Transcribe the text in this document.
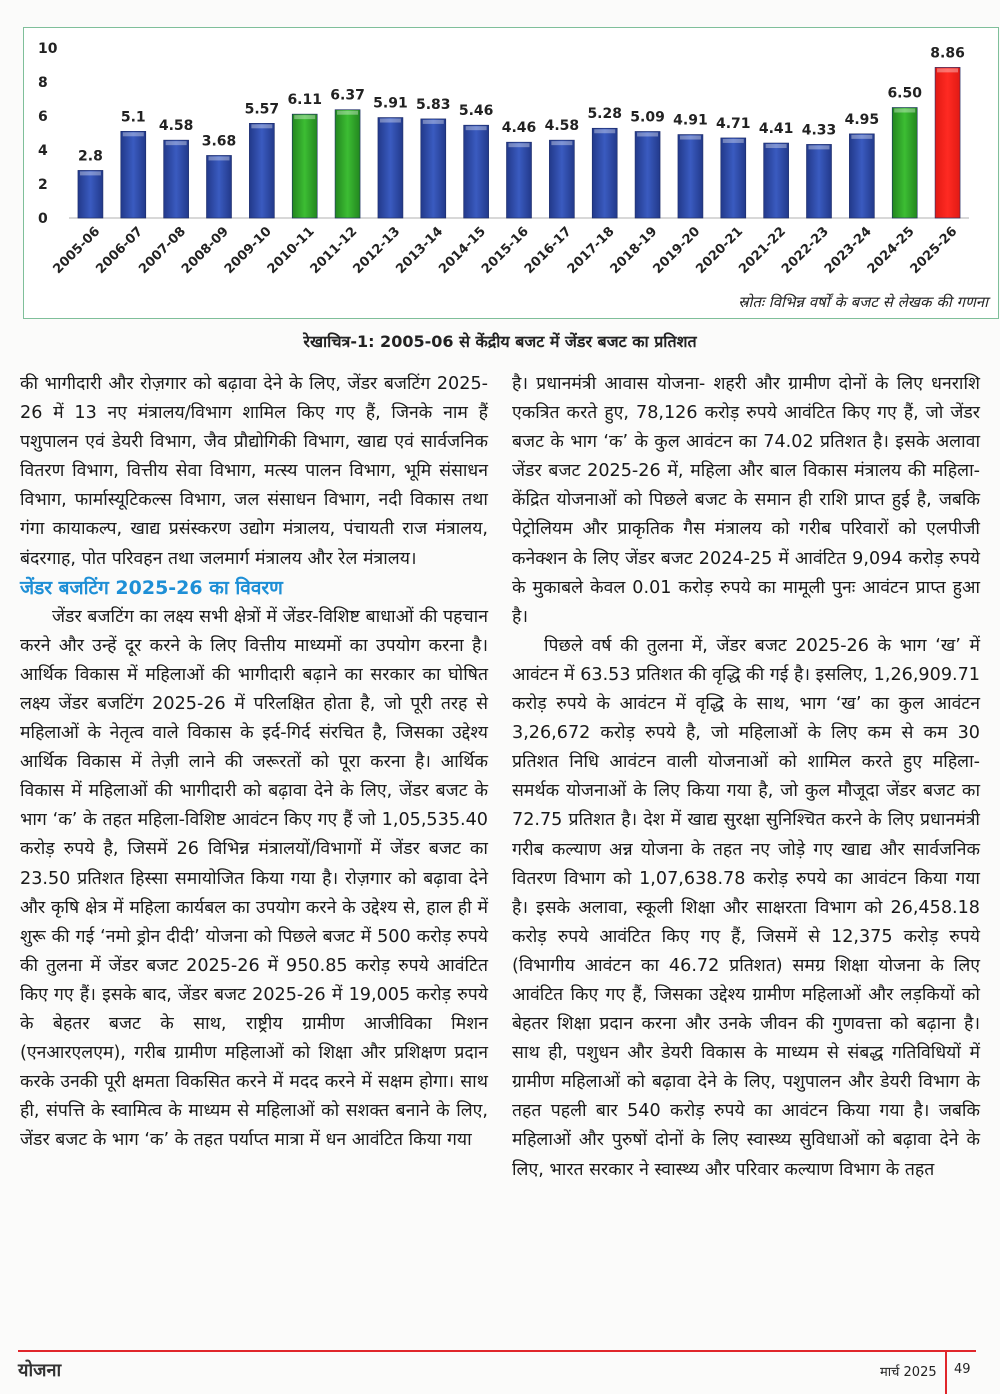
0
2
4
6
8
10
2.8
2005-06
5.1
2006-07
4.58
2007-08
3.68
2008-09
5.57
2009-10
6.11
2010-11
6.37
2011-12
5.91
2012-13
5.83
2013-14
5.46
2014-15
4.46
2015-16
4.58
2016-17
5.28
2017-18
5.09
2018-19
4.91
2019-20
4.71
2020-21
4.41
2021-22
4.33
2022-23
4.95
2023-24
6.50
2024-25
8.86
2025-26
स्रोतः विभिन्न वर्षों के बजट से लेखक की गणना
रेखाचित्र-1: 2005-06 से केंद्रीय बजट में जेंडर बजट का प्रतिशत

की भागीदारी और रोज़गार को बढ़ावा देने के लिए, जेंडर बजटिंग 2025-26 में 13 नए मंत्रालय/विभाग शामिल किए गए हैं, जिनके नाम हैं पशुपालन एवं डेयरी विभाग, जैव प्रौद्योगिकी विभाग, खाद्य एवं सार्वजनिक वितरण विभाग, वित्तीय सेवा विभाग, मत्स्य पालन विभाग, भूमि संसाधन विभाग, फार्मास्यूटिकल्स विभाग, जल संसाधन विभाग, नदी विकास तथा गंगा कायाकल्प, खाद्य प्रसंस्करण उद्योग मंत्रालय, पंचायती राज मंत्रालय, बंदरगाह, पोत परिवहन तथा जलमार्ग मंत्रालय और रेल मंत्रालय।

जेंडर बजटिंग 2025-26 का विवरण

जेंडर बजटिंग का लक्ष्य सभी क्षेत्रों में जेंडर-विशिष्ट बाधाओं की पहचान करने और उन्हें दूर करने के लिए वित्तीय माध्यमों का उपयोग करना है। आर्थिक विकास में महिलाओं की भागीदारी बढ़ाने का सरकार का घोषित लक्ष्य जेंडर बजटिंग 2025-26 में परिलक्षित होता है, जो पूरी तरह से महिलाओं के नेतृत्व वाले विकास के इर्द-गिर्द संरचित है, जिसका उद्देश्य आर्थिक विकास में तेज़ी लाने की जरूरतों को पूरा करना है। आर्थिक विकास में महिलाओं की भागीदारी को बढ़ावा देने के लिए, जेंडर बजट के भाग ‘क’ के तहत महिला-विशिष्ट आवंटन किए गए हैं जो 1,05,535.40 करोड़ रुपये है, जिसमें 26 विभिन्न मंत्रालयों/विभागों में जेंडर बजट का 23.50 प्रतिशत हिस्सा समायोजित किया गया है। रोज़गार को बढ़ावा देने और कृषि क्षेत्र में महिला कार्यबल का उपयोग करने के उद्देश्य से, हाल ही में शुरू की गई ‘नमो ड्रोन दीदी’ योजना को पिछले बजट में 500 करोड़ रुपये की तुलना में जेंडर बजट 2025-26 में 950.85 करोड़ रुपये आवंटित किए गए हैं। इसके बाद, जेंडर बजट 2025-26 में 19,005 करोड़ रुपये के बेहतर बजट के साथ, राष्ट्रीय ग्रामीण आजीविका मिशन (एनआरएलएम), गरीब ग्रामीण महिलाओं को शिक्षा और प्रशिक्षण प्रदान करके उनकी पूरी क्षमता विकसित करने में मदद करने में सक्षम होगा। साथ ही, संपत्ति के स्वामित्व के माध्यम से महिलाओं को सशक्त बनाने के लिए, जेंडर बजट के भाग ‘क’ के तहत पर्याप्त मात्रा में धन आवंटित किया गया

है। प्रधानमंत्री आवास योजना- शहरी और ग्रामीण दोनों के लिए धनराशि एकत्रित करते हुए, 78,126 करोड़ रुपये आवंटित किए गए हैं, जो जेंडर बजट के भाग ‘क’ के कुल आवंटन का 74.02 प्रतिशत है। इसके अलावा जेंडर बजट 2025-26 में, महिला और बाल विकास मंत्रालय की महिला-केंद्रित योजनाओं को पिछले बजट के समान ही राशि प्राप्त हुई है, जबकि पेट्रोलियम और प्राकृतिक गैस मंत्रालय को गरीब परिवारों को एलपीजी कनेक्शन के लिए जेंडर बजट 2024-25 में आवंटित 9,094 करोड़ रुपये के मुकाबले केवल 0.01 करोड़ रुपये का मामूली पुनः आवंटन प्राप्त हुआ है।

पिछले वर्ष की तुलना में, जेंडर बजट 2025-26 के भाग ‘ख’ में आवंटन में 63.53 प्रतिशत की वृद्धि की गई है। इसलिए, 1,26,909.71 करोड़ रुपये के आवंटन में वृद्धि के साथ, भाग ‘ख’ का कुल आवंटन 3,26,672 करोड़ रुपये है, जो महिलाओं के लिए कम से कम 30 प्रतिशत निधि आवंटन वाली योजनाओं को शामिल करते हुए महिला-समर्थक योजनाओं के लिए किया गया है, जो कुल मौजूदा जेंडर बजट का 72.75 प्रतिशत है। देश में खाद्य सुरक्षा सुनिश्चित करने के लिए प्रधानमंत्री गरीब कल्याण अन्न योजना के तहत नए जोड़े गए खाद्य और सार्वजनिक वितरण विभाग को 1,07,638.78 करोड़ रुपये का आवंटन किया गया है। इसके अलावा, स्कूली शिक्षा और साक्षरता विभाग को 26,458.18 करोड़ रुपये आवंटित किए गए हैं, जिसमें से 12,375 करोड़ रुपये (विभागीय आवंटन का 46.72 प्रतिशत) समग्र शिक्षा योजना के लिए आवंटित किए गए हैं, जिसका उद्देश्य ग्रामीण महिलाओं और लड़कियों को बेहतर शिक्षा प्रदान करना और उनके जीवन की गुणवत्ता को बढ़ाना है। साथ ही, पशुधन और डेयरी विकास के माध्यम से संबद्ध गतिविधियों में ग्रामीण महिलाओं को बढ़ावा देने के लिए, पशुपालन और डेयरी विभाग के तहत पहली बार 540 करोड़ रुपये का आवंटन किया गया है। जबकि महिलाओं और पुरुषों दोनों के लिए स्वास्थ्य सुविधाओं को बढ़ावा देने के लिए, भारत सरकार ने स्वास्थ्य और परिवार कल्याण विभाग के तहत

योजना	मार्च 2025 49
